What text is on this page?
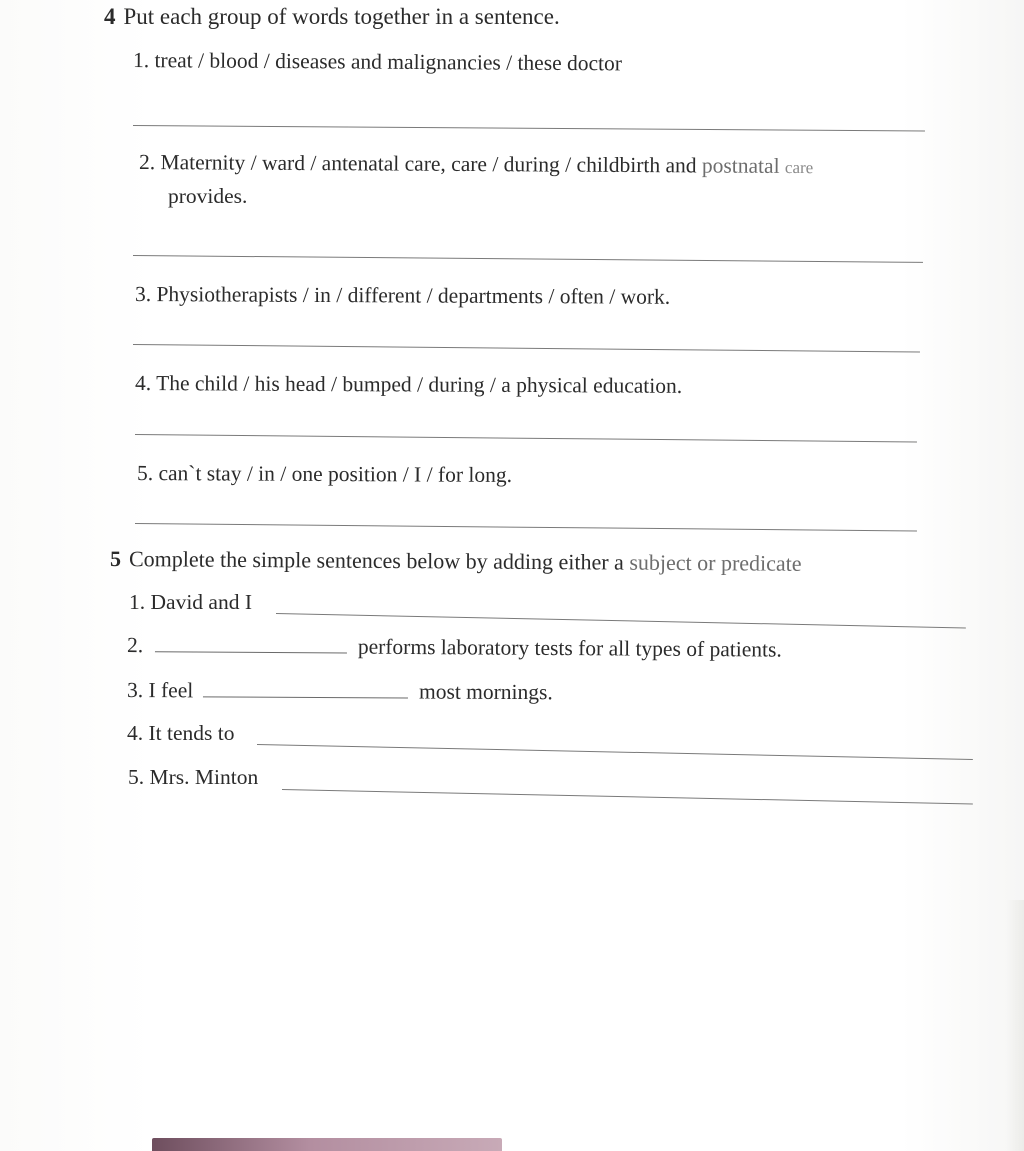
4 Put each group of words together in a sentence.
1. treat / blood / diseases and malignancies / these doctor
2. Maternity / ward / antenatal care, care / during / childbirth and postnatal care
provides.
3. Physiotherapists / in / different / departments / often / work.
4. The child / his head / bumped / during / a physical education.
5. can`t stay / in / one position / I / for long.
5 Complete the simple sentences below by adding either a subject or predicate
1. David and I
2.	performs laboratory tests for all types of patients.
3. I feel	most mornings.
4. It tends to
5. Mrs. Minton
